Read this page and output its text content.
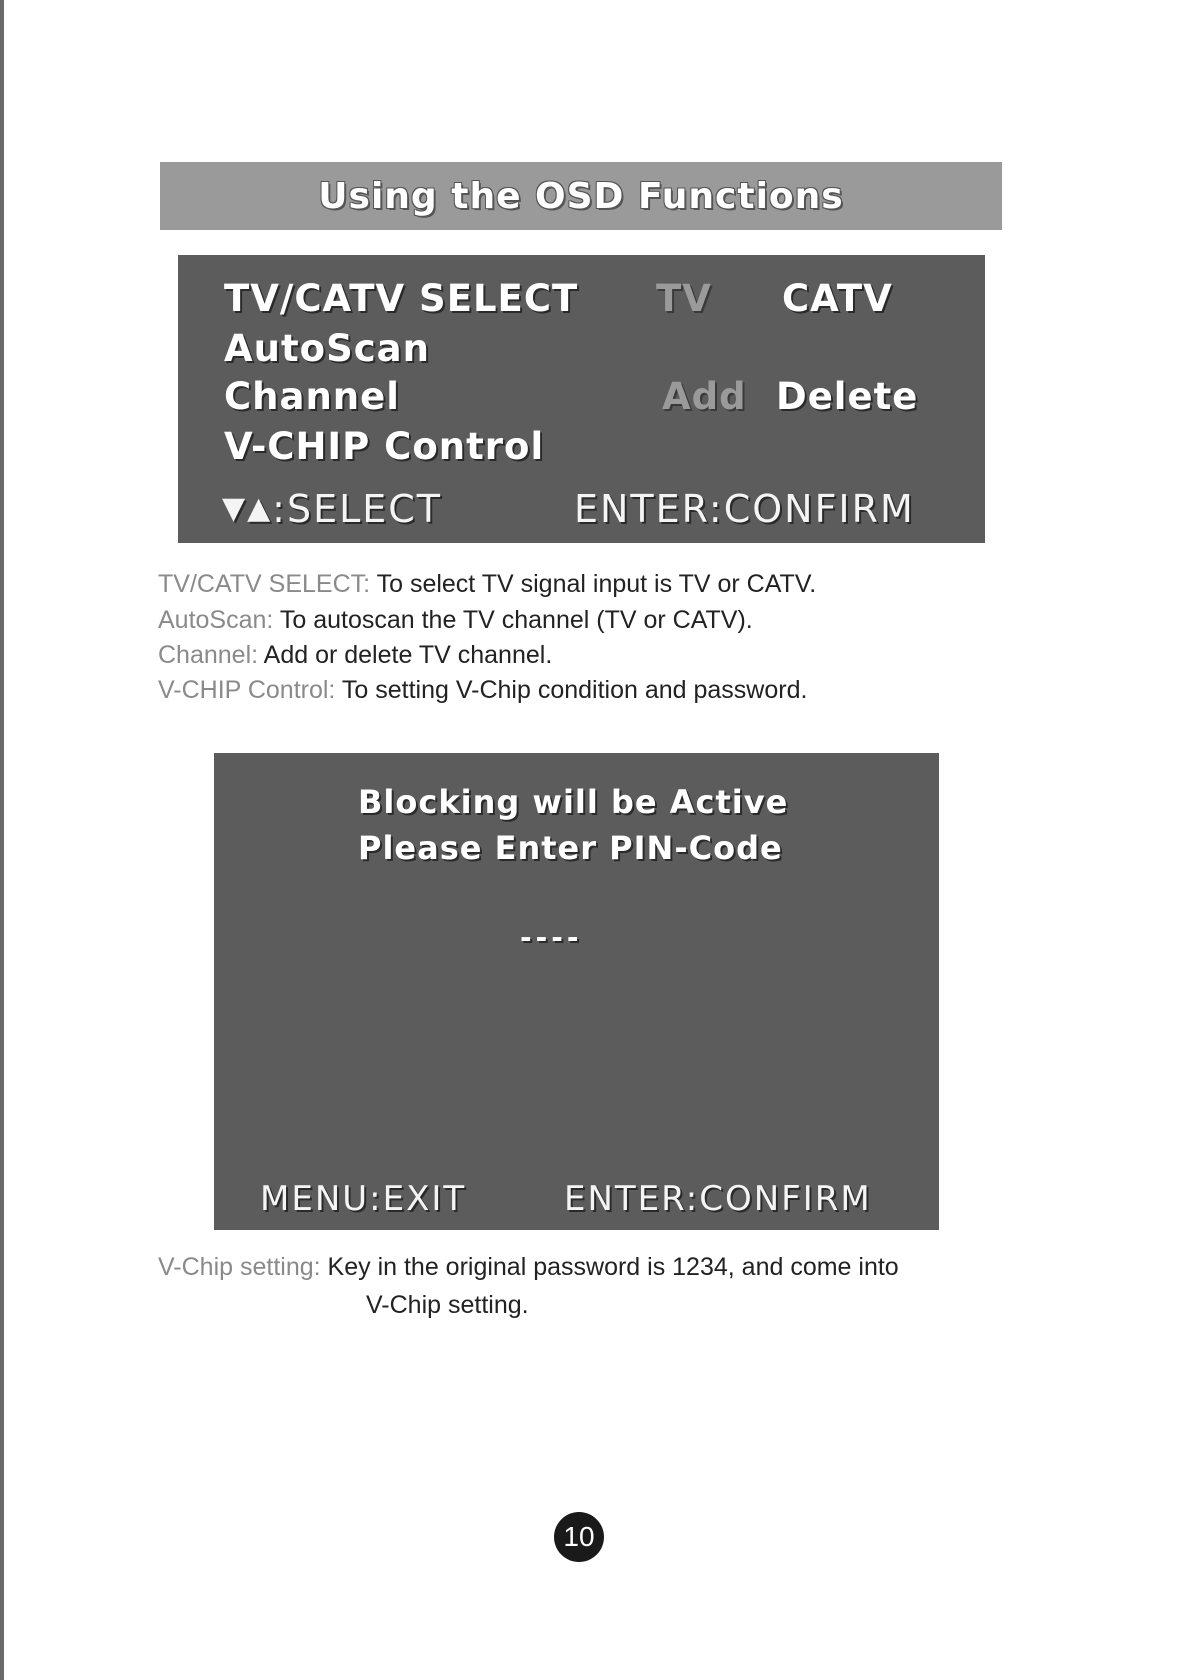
Using the OSD Functions
TV/CATV SELECT TV CATV
AutoScan
Channel	Add Delete
V-CHIP Control
▼▲:SELECT	ENTER:CONFIRM
TV/CATV SELECT: To select TV signal input is TV or CATV.
AutoScan: To autoscan the TV channel (TV or CATV).
Channel: Add or delete TV channel.
V-CHIP Control: To setting V-Chip condition and password.
Blocking will be Active
Please Enter PIN-Code
----
MENU:EXIT	ENTER:CONFIRM
V-Chip setting: Key in the original password is 1234, and come into
V-Chip setting.
10
